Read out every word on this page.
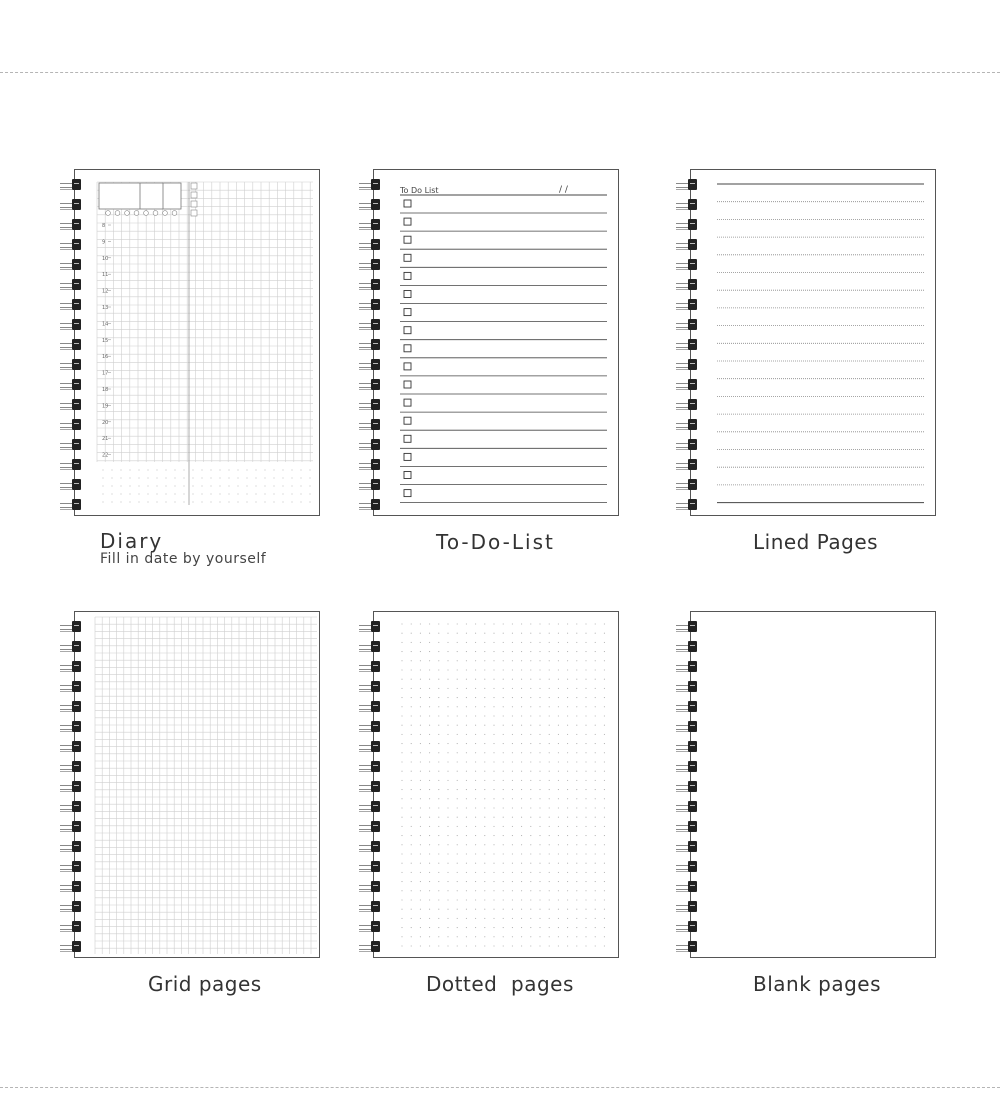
8
9
10
11
12
13
14
15
16
17
18
19
20
21
22
Diary
Fill in date by yourself
To Do List	/ /
To-Do-List	Lined Pages
Grid pages	Dotted  pages	Blank pages
